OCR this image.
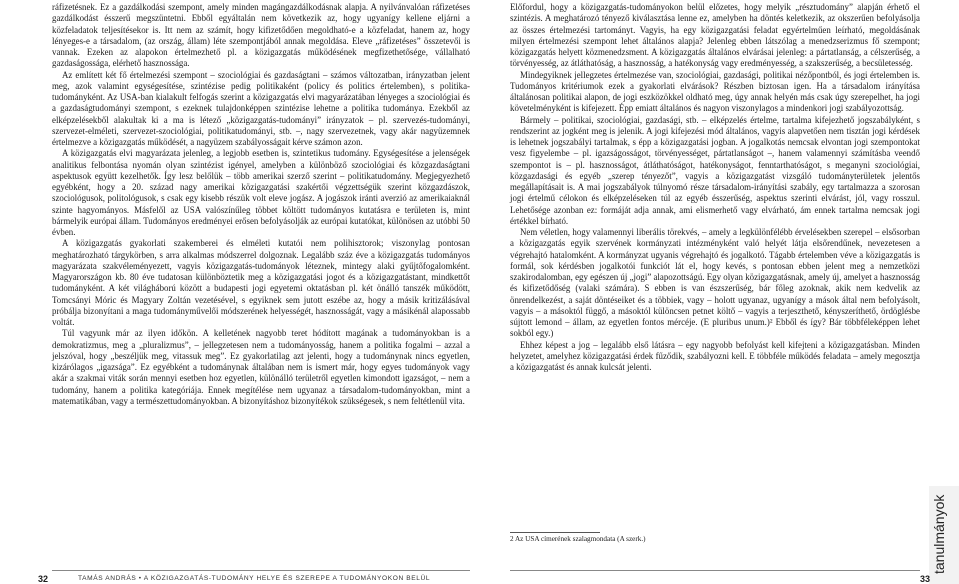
ráfizetésnek. Ez a gazdálkodási szempont, amely minden magángazdálkodásnak alapja. A nyilvánvalóan ráfizetéses gazdálkodást ésszerű megszüntetni. Ebből egyáltalán nem következik az, hogy ugyanígy kellene eljárni a közfeladatok teljesítésekor is. Itt nem az számít, hogy kifizetődően megoldható-e a közfeladat, hanem az, hogy lényeges-e a társadalom, (az ország, állam) léte szempontjából annak megoldása. Eleve „ráfizetéses” összetevői is vannak. Ezeken az alapokon értelmezhető pl. a közigazgatás működésének megfizethetősége, vállalható gazdaságossága, elérhető hasznossága.

Az említett két fő értelmezési szempont – szociológiai és gazdaságtani – számos változatban, irányzatban jelent meg, azok valamint egységesítése, szintézise pedig politikaként (policy és politics értelemben), s politika-tudományként. Az USA-ban kialakult felfogás szerint a közigazgatás elvi magyarázatában lényeges a szociológiai és a gazdaságtudományi szempont, s ezeknek tulajdonképpen szintézise lehetne a politika tudománya. Ezekből az elképzelésekből alakultak ki a ma is létező „közigazgatás-tudományi” irányzatok – pl. szervezés-tudományi, szervezet-elméleti, szervezet-szociológiai, politikatudományi, stb. –, nagy szervezetnek, vagy akár nagyüzemnek értelmezve a közigazgatás működését, a nagyüzem szabályosságait kérve számon azon.

A közigazgatás elvi magyarázata jelenleg, a legjobb esetben is, szintetikus tudomány. Egységesítése a jelenségek analitikus felbontása nyomán olyan szintézist igényel, amelyben a különböző szociológiai és közgazdaságtani aspektusok együtt kezelhetők. Így lesz belőlük – több amerikai szerző szerint – politikatudomány. Megjegyezhető egyébként, hogy a 20. század nagy amerikai közigazgatási szakértői végzettségük szerint közgazdászok, szociológusok, politológusok, s csak egy kisebb részük volt eleve jogász. A jogászok iránti averzió az amerikaiaknál szinte hagyományos. Másfelől az USA valószínűleg többet költött tudományos kutatásra e területen is, mint bármelyik európai állam. Tudományos eredményei erősen befolyásolják az európai kutatókat, különösen az utóbbi 50 évben.

A közigazgatás gyakorlati szakemberei és elméleti kutatói nem polihisztorok; viszonylag pontosan meghatározható tárgykörben, s arra alkalmas módszerrel dolgoznak. Legalább száz éve a közigazgatás tudományos magyarázata szakvéleményezett, vagyis közigazgatás-tudományok léteznek, mintegy alaki gyűjtőfogalomként. Magyarországon kb. 80 éve tudatosan különböztetik meg a közigazgatási jogot és a közigazgatástant, mindkettőt tudományként. A két világháború között a budapesti jogi egyetemi oktatásban pl. két önálló tanszék működött, Tomcsányi Móric és Magyary Zoltán vezetésével, s egyiknek sem jutott eszébe az, hogy a másik kritizálásával próbálja bizonyítani a maga tudományművelői módszerének helyességét, hasznosságát, vagy a másikénál alapossabb voltát.

Túl vagyunk már az ilyen időkön. A kelletének nagyobb teret hódított magának a tudományokban is a demokratizmus, meg a „pluralizmus”, – jellegzetesen nem a tudományosság, hanem a politika fogalmi – azzal a jelszóval, hogy „beszéljük meg, vitassuk meg”. Ez gyakorlatilag azt jelenti, hogy a tudománynak nincs egyetlen, kizárólagos „igazsága”. Ez egyébként a tudománynak általában nem is ismert már, hogy egyes tudományok vagy akár a szakmai viták során mennyi esetben hoz egyetlen, különálló területről egyetlen kimondott igazságot, – nem a tudomány, hanem a politika kategóriája. Ennek megítélése nem ugyanaz a társadalom-tudományokban, mint a matematikában, vagy a természettudományokban. A bizonyításhoz bizonyítékok szükségesek, s nem feltétlenül vita.

32	TAMÁS ANDRÁS • A KÖZIGAZGATÁS-TUDOMÁNY HELYE ÉS SZEREPE A TUDOMÁNYOKON BELÜL

Előfordul, hogy a közigazgatás-tudományokon belül előzetes, hogy melyik „résztudomány” alapján érhető el szintézis. A meghatározó tényező kiválasztása lenne ez, amelyben ha döntés keletkezik, az okszerűen befolyásolja az összes értelmezési tartományt. Vagyis, ha egy közigazgatási feladat egyértelműen leírható, megoldásának milyen értelmezési szempont lehet általános alapja? Jelenleg ebben látszólag a menedzserizmus fő szempont; közigazgatás helyett közmenedzsment. A közigazgatás általános elvárásai jelenleg: a pártatlanság, a célszerűség, a törvényesség, az átláthatóság, a hasznosság, a hatékonyság vagy eredményesség, a szakszerűség, a becsületesség.

Mindegyiknek jellegzetes értelmezése van, szociológiai, gazdasági, politikai nézőpontból, és jogi értelemben is. Tudományos kritériumok ezek a gyakorlati elvárások? Részben biztosan igen. Ha a társadalom irányítása általánosan politikai alapon, de jogi eszközökkel oldható meg, úgy annak helyén más csak úgy szerepelhet, ha jogi követelményként is kifejezett. Épp emiatt általános és nagyon viszonylagos a mindenkori jogi szabályozottság.

Bármely – politikai, szociológiai, gazdasági, stb. – elképzelés értelme, tartalma kifejezhető jogszabályként, s rendszerint az jogként meg is jelenik. A jogi kifejezési mód általános, vagyis alapvetően nem tisztán jogi kérdések is lehetnek jogszabályi tartalmak, s épp a közigazgatási jogban. A jogalkotás nemcsak elvontan jogi szempontokat vesz figyelembe – pl. igazságosságot, törvényességet, pártatlanságot –, hanem valamennyi számításba veendő szempontot is – pl. hasznosságot, átláthatóságot, hatékonyságot, fenntarthatóságot, s meganyni szociológiai, közgazdasági és egyéb „szerep tényezőt”, vagyis a közigazgatást vizsgáló tudományterületek jelentős megállapításait is. A mai jogszabályok túlnyomó része társadalom-irányítási szabály, egy tartalmazza a szorosan jogi értelmű célokon és elképzeléseken túl az egyéb ésszerűség, aspektus szerinti elvárást, jól, vagy rosszul. Lehetősége azonban ez: formáját adja annak, ami elismerhető vagy elvárható, ám ennek tartalma nemcsak jogi értékkel bírható.

Nem véletlen, hogy valamennyi liberális törekvés, – amely a legkülönfélébb érvelésekben szerepel – elsősorban a közigazgatás egyik szervének kormányzati intézményként való helyét látja elsőrendűnek, nevezetesen a végrehajtó hatalomként. A kormányzat ugyanis végrehajtó és jogalkotó. Tágabb értelemben véve a közigazgatás is formál, sok kérdésben jogalkotói funkciót lát el, hogy kevés, s pontosan ebben jelent meg a nemzetközi szakirodalomban, egy egészen új „jogi” alapozottságú. Egy olyan közigazgatásnak, amely új, amelyet a hasznosság és kifizetődőség (valaki számára). S ebben is van észszerűség, bár főleg azoknak, akik nem kedvelik az önrendelkezést, a saját döntéseiket és a többiek, vagy – holott ugyanaz, ugyanígy a mások által nem befolyásolt, vagyis – a másoktól függő, a másoktól különcsen petnet költő – vagyis a terjeszthető, kényszeríthető, ördöglésbe sújtott lemond – állam, az egyetlen fontos mércéje. (E pluribus unum.)² Ebből és így? Bár többféleképpen lehet sokból egy.)

Ehhez képest a jog – legalább első látásra – egy nagyobb befolyást kell kifejteni a közigazgatásban. Minden helyzetet, amelyhez közigazgatási érdek fűződik, szabályozni kell. E többféle működés feladata – amely megosztja a közigazgatást és annak kulcsát jelenti.

2 Az USA címerének szalagmondata (A szerk.)	tanulmányok
33
